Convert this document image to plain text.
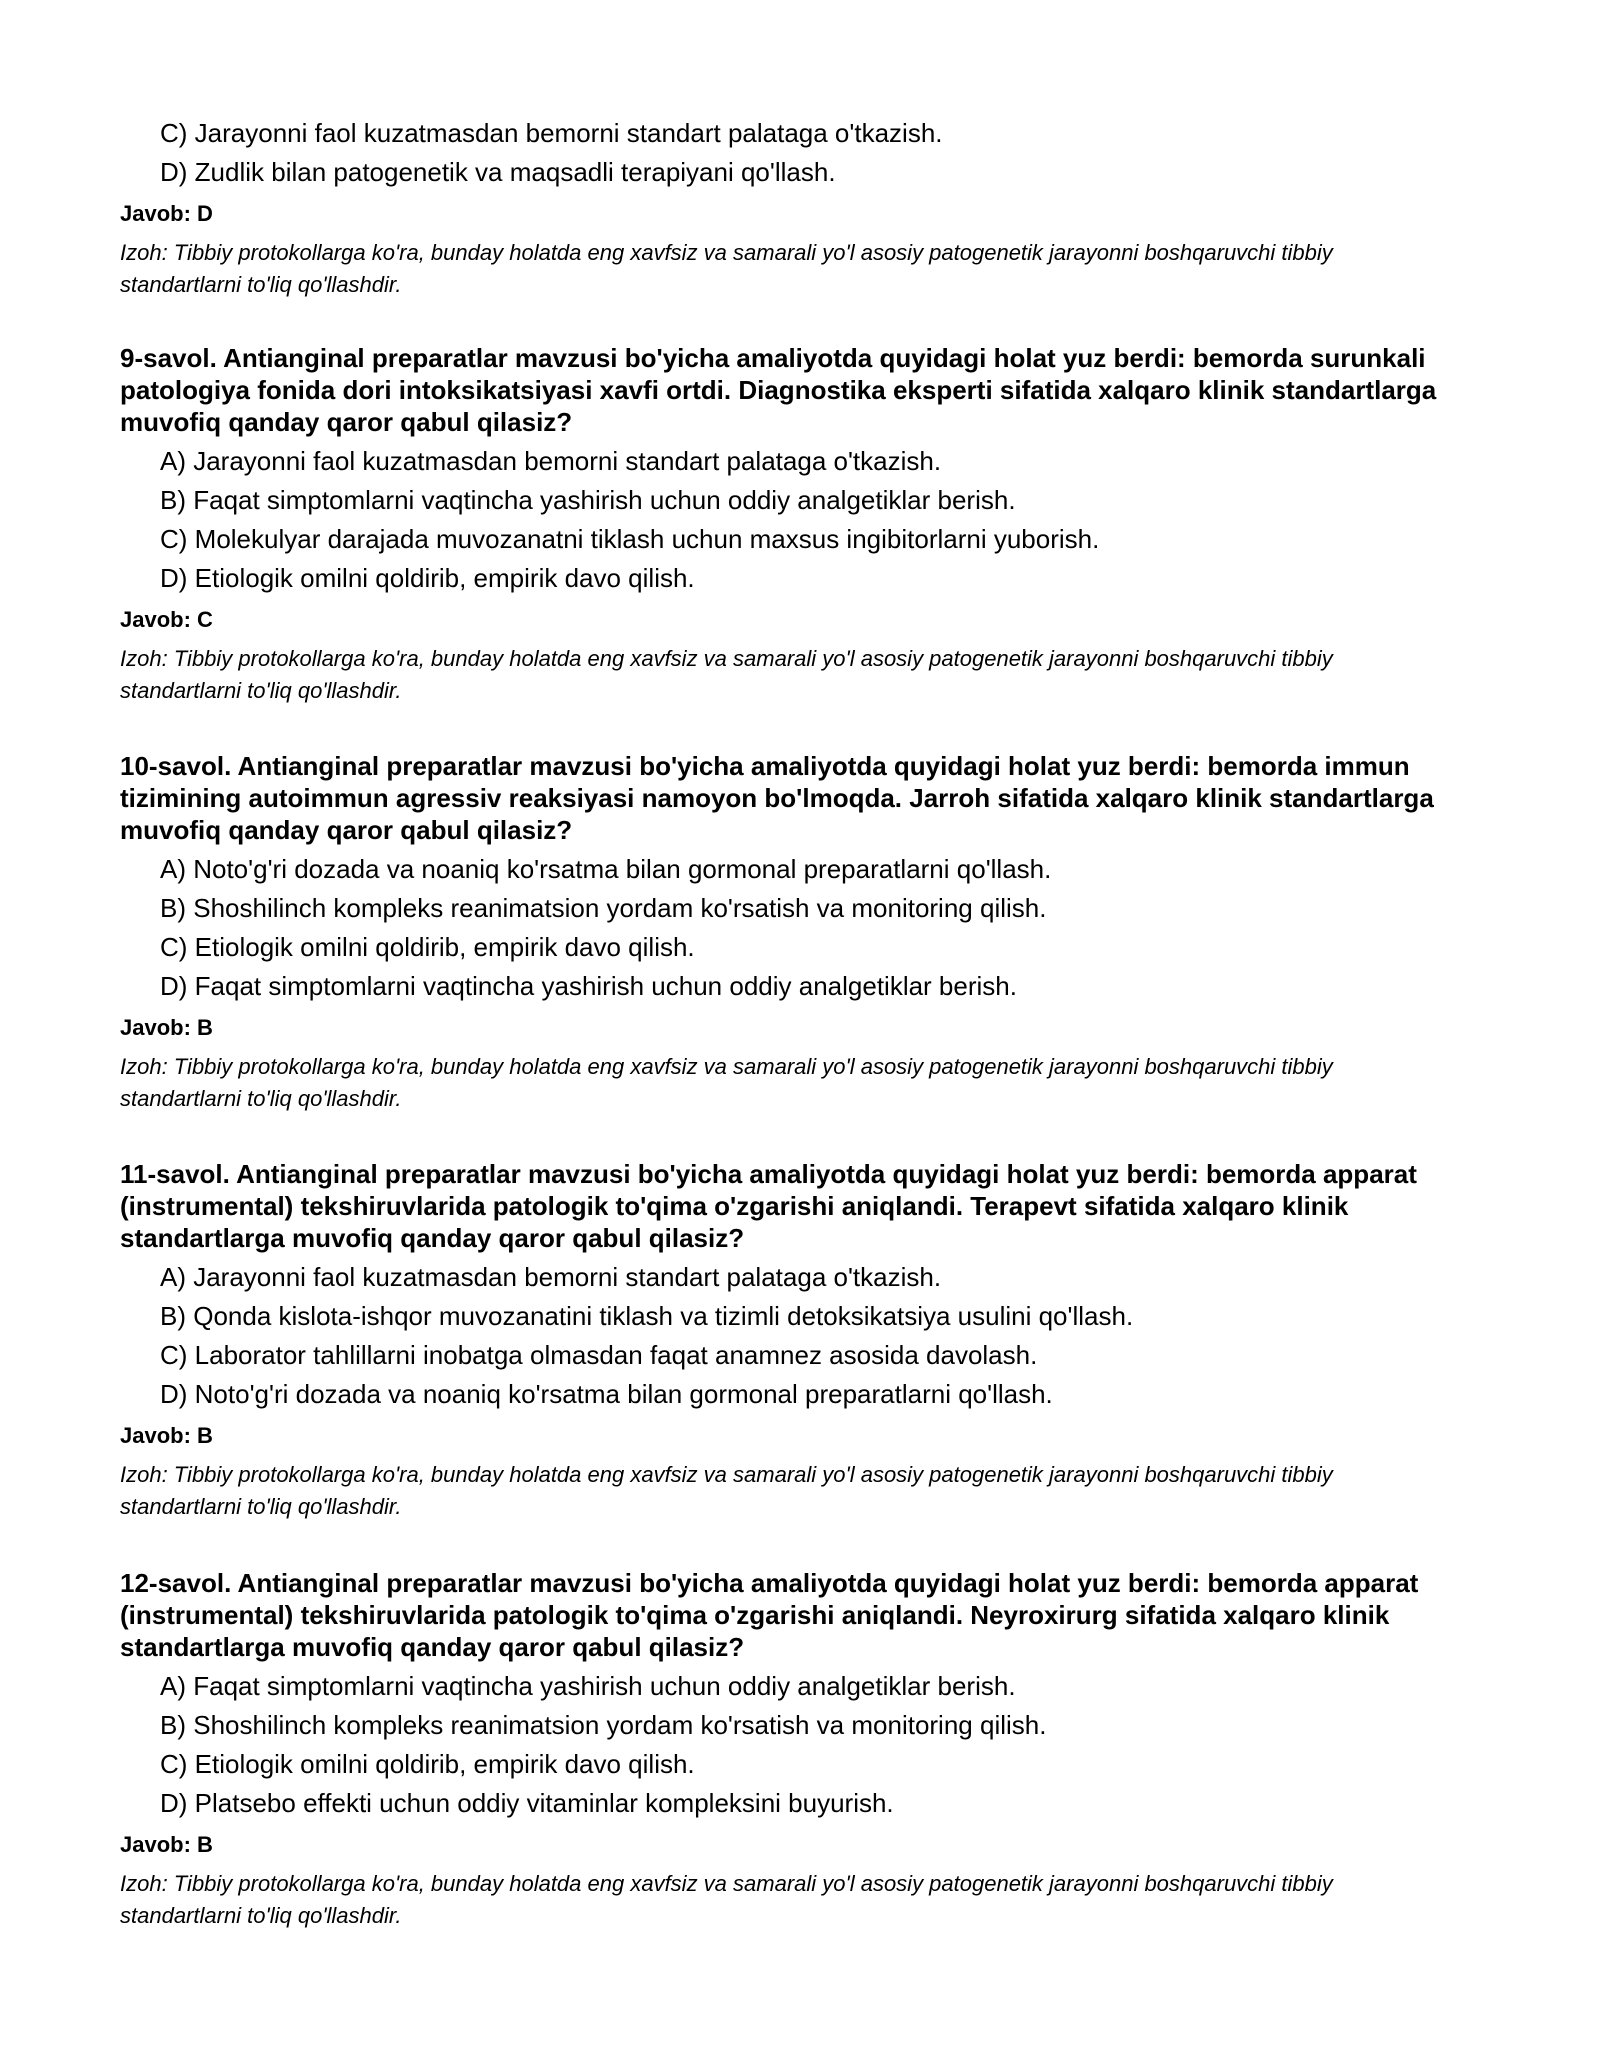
C) Jarayonni faol kuzatmasdan bemorni standart palataga o'tkazish.
D) Zudlik bilan patogenetik va maqsadli terapiyani qo'llash.
Javob: D
Izoh: Tibbiy protokollarga ko'ra, bunday holatda eng xavfsiz va samarali yo'l asosiy patogenetik jarayonni boshqaruvchi tibbiy standartlarni to'liq qo'llashdir.
9-savol. Antianginal preparatlar mavzusi bo'yicha amaliyotda quyidagi holat yuz berdi: bemorda surunkali patologiya fonida dori intoksikatsiyasi xavfi ortdi. Diagnostika eksperti sifatida xalqaro klinik standartlarga muvofiq qanday qaror qabul qilasiz?
A) Jarayonni faol kuzatmasdan bemorni standart palataga o'tkazish.
B) Faqat simptomlarni vaqtincha yashirish uchun oddiy analgetiklar berish.
C) Molekulyar darajada muvozanatni tiklash uchun maxsus ingibitorlarni yuborish.
D) Etiologik omilni qoldirib, empirik davo qilish.
Javob: C
Izoh: Tibbiy protokollarga ko'ra, bunday holatda eng xavfsiz va samarali yo'l asosiy patogenetik jarayonni boshqaruvchi tibbiy standartlarni to'liq qo'llashdir.
10-savol. Antianginal preparatlar mavzusi bo'yicha amaliyotda quyidagi holat yuz berdi: bemorda immun tizimining autoimmun agressiv reaksiyasi namoyon bo'lmoqda. Jarroh sifatida xalqaro klinik standartlarga muvofiq qanday qaror qabul qilasiz?
A) Noto'g'ri dozada va noaniq ko'rsatma bilan gormonal preparatlarni qo'llash.
B) Shoshilinch kompleks reanimatsion yordam ko'rsatish va monitoring qilish.
C) Etiologik omilni qoldirib, empirik davo qilish.
D) Faqat simptomlarni vaqtincha yashirish uchun oddiy analgetiklar berish.
Javob: B
Izoh: Tibbiy protokollarga ko'ra, bunday holatda eng xavfsiz va samarali yo'l asosiy patogenetik jarayonni boshqaruvchi tibbiy standartlarni to'liq qo'llashdir.
11-savol. Antianginal preparatlar mavzusi bo'yicha amaliyotda quyidagi holat yuz berdi: bemorda apparat (instrumental) tekshiruvlarida patologik to'qima o'zgarishi aniqlandi. Terapevt sifatida xalqaro klinik standartlarga muvofiq qanday qaror qabul qilasiz?
A) Jarayonni faol kuzatmasdan bemorni standart palataga o'tkazish.
B) Qonda kislota-ishqor muvozanatini tiklash va tizimli detoksikatsiya usulini qo'llash.
C) Laborator tahlillarni inobatga olmasdan faqat anamnez asosida davolash.
D) Noto'g'ri dozada va noaniq ko'rsatma bilan gormonal preparatlarni qo'llash.
Javob: B
Izoh: Tibbiy protokollarga ko'ra, bunday holatda eng xavfsiz va samarali yo'l asosiy patogenetik jarayonni boshqaruvchi tibbiy standartlarni to'liq qo'llashdir.
12-savol. Antianginal preparatlar mavzusi bo'yicha amaliyotda quyidagi holat yuz berdi: bemorda apparat (instrumental) tekshiruvlarida patologik to'qima o'zgarishi aniqlandi. Neyroxirurg sifatida xalqaro klinik standartlarga muvofiq qanday qaror qabul qilasiz?
A) Faqat simptomlarni vaqtincha yashirish uchun oddiy analgetiklar berish.
B) Shoshilinch kompleks reanimatsion yordam ko'rsatish va monitoring qilish.
C) Etiologik omilni qoldirib, empirik davo qilish.
D) Platsebo effekti uchun oddiy vitaminlar kompleksini buyurish.
Javob: B
Izoh: Tibbiy protokollarga ko'ra, bunday holatda eng xavfsiz va samarali yo'l asosiy patogenetik jarayonni boshqaruvchi tibbiy standartlarni to'liq qo'llashdir.
